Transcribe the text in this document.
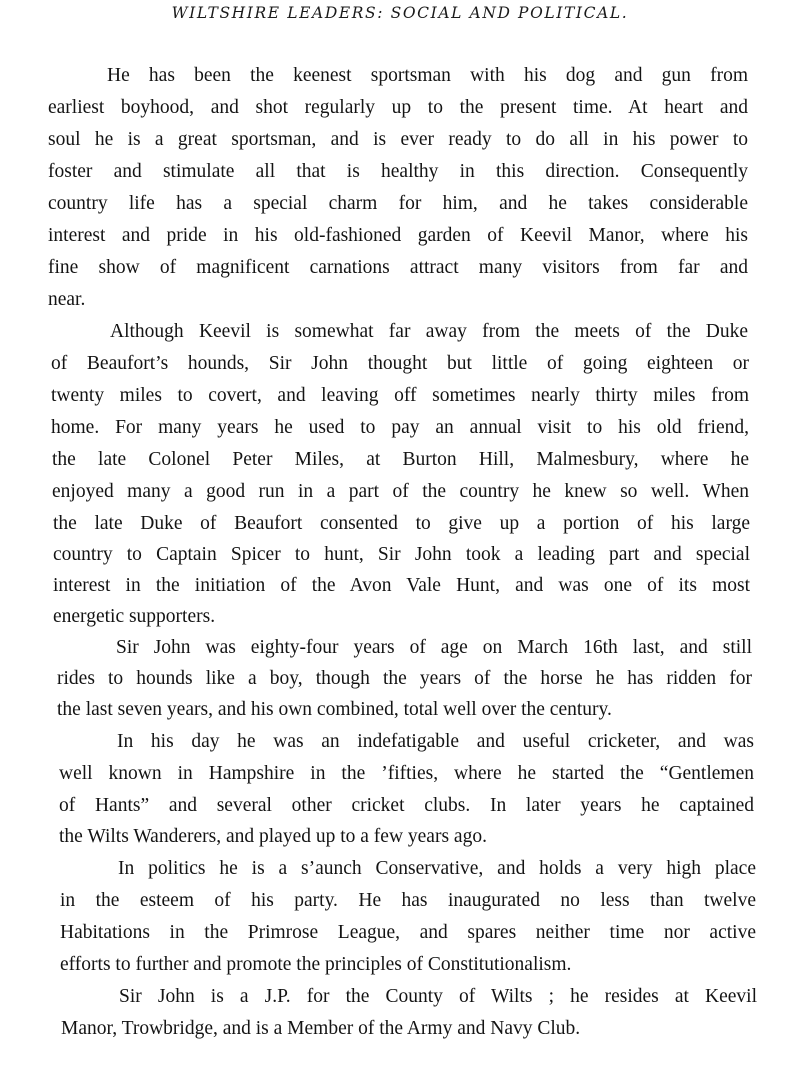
WILTSHIRE LEADERS: SOCIAL AND POLITICAL.
He has been the keenest sportsman with his dog and gun from
earliest boyhood, and shot regularly up to the present time. At heart and
soul he is a great sportsman, and is ever ready to do all in his power to
foster and stimulate all that is healthy in this direction. Consequently
country life has a special charm for him, and he takes considerable
interest and pride in his old-fashioned garden of Keevil Manor, where his
fine show of magnificent carnations attract many visitors from far and
near.
Although Keevil is somewhat far away from the meets of the Duke
of Beaufort’s hounds, Sir John thought but little of going eighteen or
twenty miles to covert, and leaving off sometimes nearly thirty miles from
home. For many years he used to pay an annual visit to his old friend,
the late Colonel Peter Miles, at Burton Hill, Malmesbury, where he
enjoyed many a good run in a part of the country he knew so well. When
the late Duke of Beaufort consented to give up a portion of his large
country to Captain Spicer to hunt, Sir John took a leading part and special
interest in the initiation of the Avon Vale Hunt, and was one of its most
energetic supporters.
Sir John was eighty-four years of age on March 16th last, and still
rides to hounds like a boy, though the years of the horse he has ridden for
the last seven years, and his own combined, total well over the century.
In his day he was an indefatigable and useful cricketer, and was
well known in Hampshire in the ’fifties, where he started the “Gentlemen
of Hants” and several other cricket clubs. In later years he captained
the Wilts Wanderers, and played up to a few years ago.
In politics he is a s’aunch Conservative, and holds a very high place
in the esteem of his party. He has inaugurated no less than twelve
Habitations in the Primrose League, and spares neither time nor active
efforts to further and promote the principles of Constitutionalism.
Sir John is a J.P. for the County of Wilts ; he resides at Keevil
Manor, Trowbridge, and is a Member of the Army and Navy Club.
